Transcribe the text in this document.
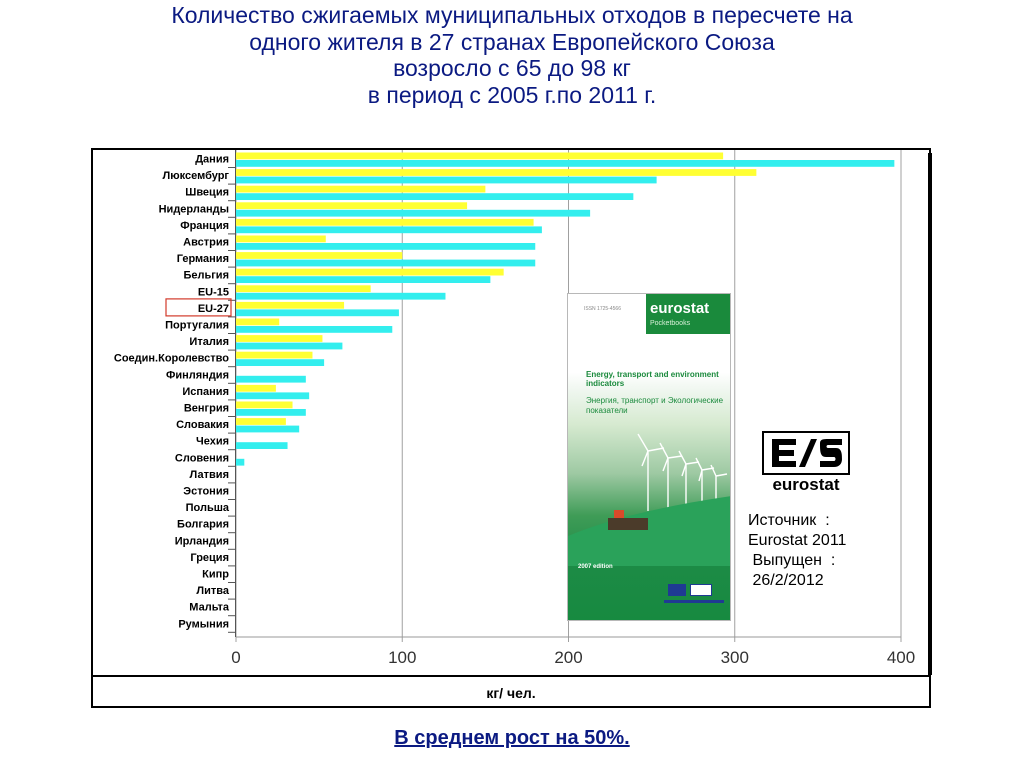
Количество сжигаемых муниципальных отходов в пересчете на
одного жителя в 27 странах Европейского Союза
возросло с 65 до 98 кг
в период с 2005 г.по 2011 г.
кг/ чел.
0	100	200	300	400
Дания
Люксембург
Швеция
Нидерланды
Франция
Австрия
Германия
Бельгия
EU-15
EU-27
Португалия
Италия
Соедин.Королевство
Финляндия
Испания
Венгрия
Словакия
Чехия
Словения
Латвия
Эстония
Польша
Болгария
Ирландия
Греция
Кипр
Литва
Мальта
Румыния
ISSN 1725-4566 eurostat
Pocketbooks
Energy, transport and environment indicators
Энергия, транспорт и Экологические показатели
2007 edition
eurostat
Источник  :
Eurostat 2011
Выпущен  :
26/2/2012
В среднем рост на 50%.
